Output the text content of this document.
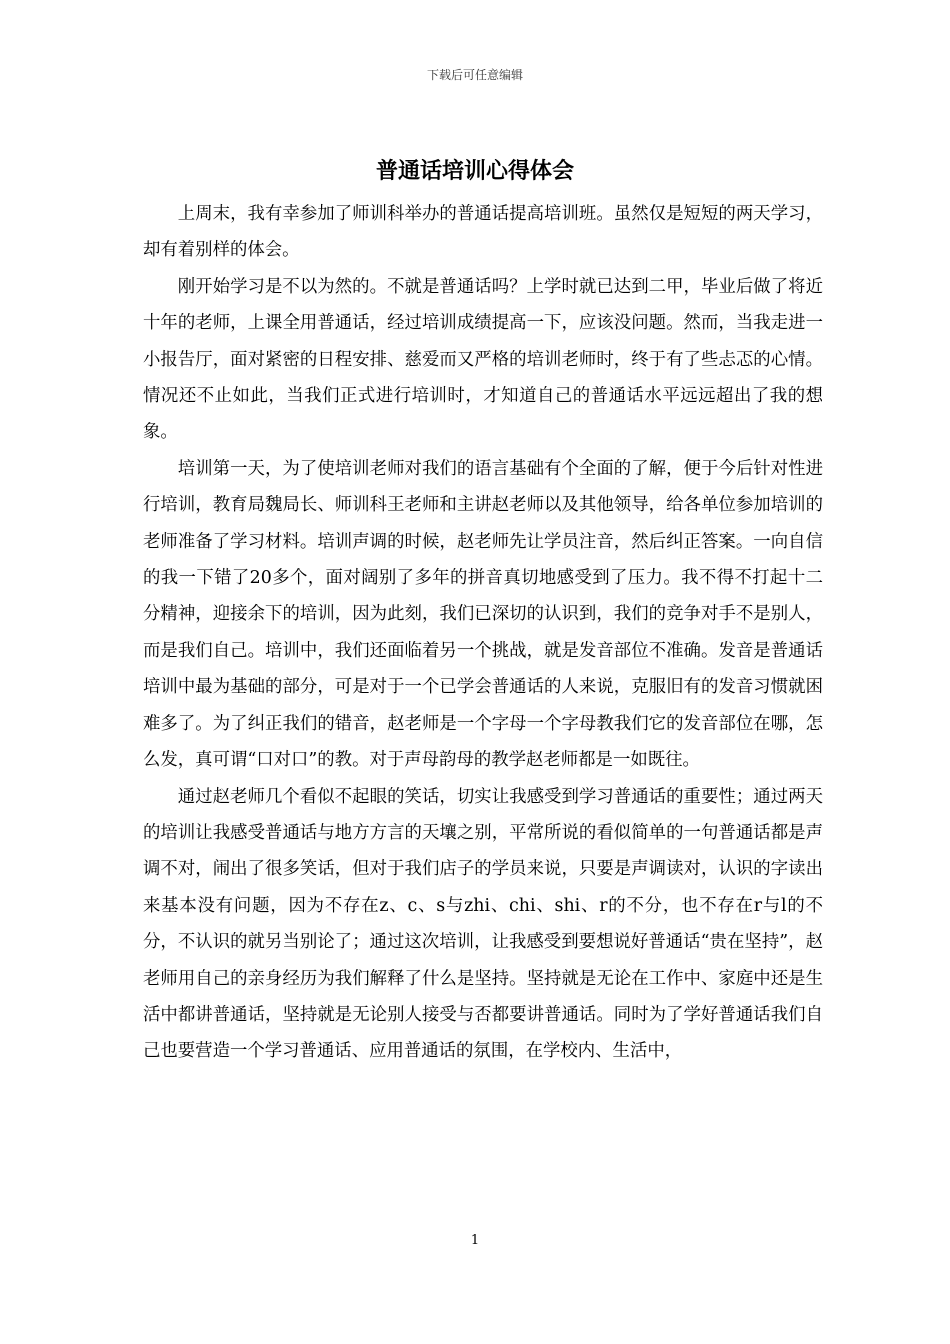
下载后可任意编辑
普通话培训心得体会

上周末，我有幸参加了师训科举办的普通话提高培训班。虽然仅是短短的两天学习，却有着别样的体会。

刚开始学习是不以为然的。不就是普通话吗？上学时就已达到二甲，毕业后做了将近十年的老师，上课全用普通话，经过培训成绩提高一下，应该没问题。然而，当我走进一小报告厅，面对紧密的日程安排、慈爱而又严格的培训老师时，终于有了些忐忑的心情。情况还不止如此，当我们正式进行培训时，才知道自己的普通话水平远远超出了我的想象。

培训第一天，为了使培训老师对我们的语言基础有个全面的了解，便于今后针对性进行培训，教育局魏局长、师训科王老师和主讲赵老师以及其他领导，给各单位参加培训的老师准备了学习材料。培训声调的时候，赵老师先让学员注音，然后纠正答案。一向自信的我一下错了20多个，面对阔别了多年的拼音真切地感受到了压力。我不得不打起十二分精神，迎接余下的培训，因为此刻，我们已深切的认识到，我们的竞争对手不是别人，而是我们自己。培训中，我们还面临着另一个挑战，就是发音部位不准确。发音是普通话培训中最为基础的部分，可是对于一个已学会普通话的人来说，克服旧有的发音习惯就困难多了。为了纠正我们的错音，赵老师是一个字母一个字母教我们它的发音部位在哪，怎么发，真可谓“口对口”的教。对于声母韵母的教学赵老师都是一如既往。

通过赵老师几个看似不起眼的笑话，切实让我感受到学习普通话的重要性；通过两天的培训让我感受普通话与地方方言的天壤之别，平常所说的看似简单的一句普通话都是声调不对，闹出了很多笑话，但对于我们店子的学员来说，只要是声调读对，认识的字读出来基本没有问题，因为不存在z、c、s与zhi、chi、shi、r的不分，也不存在r与l的不分，不认识的就另当别论了；通过这次培训，让我感受到要想说好普通话“贵在坚持”，赵老师用自己的亲身经历为我们解释了什么是坚持。坚持就是无论在工作中、家庭中还是生活中都讲普通话，坚持就是无论别人接受与否都要讲普通话。同时为了学好普通话我们自己也要营造一个学习普通话、应用普通话的氛围，在学校内、生活中，

1
